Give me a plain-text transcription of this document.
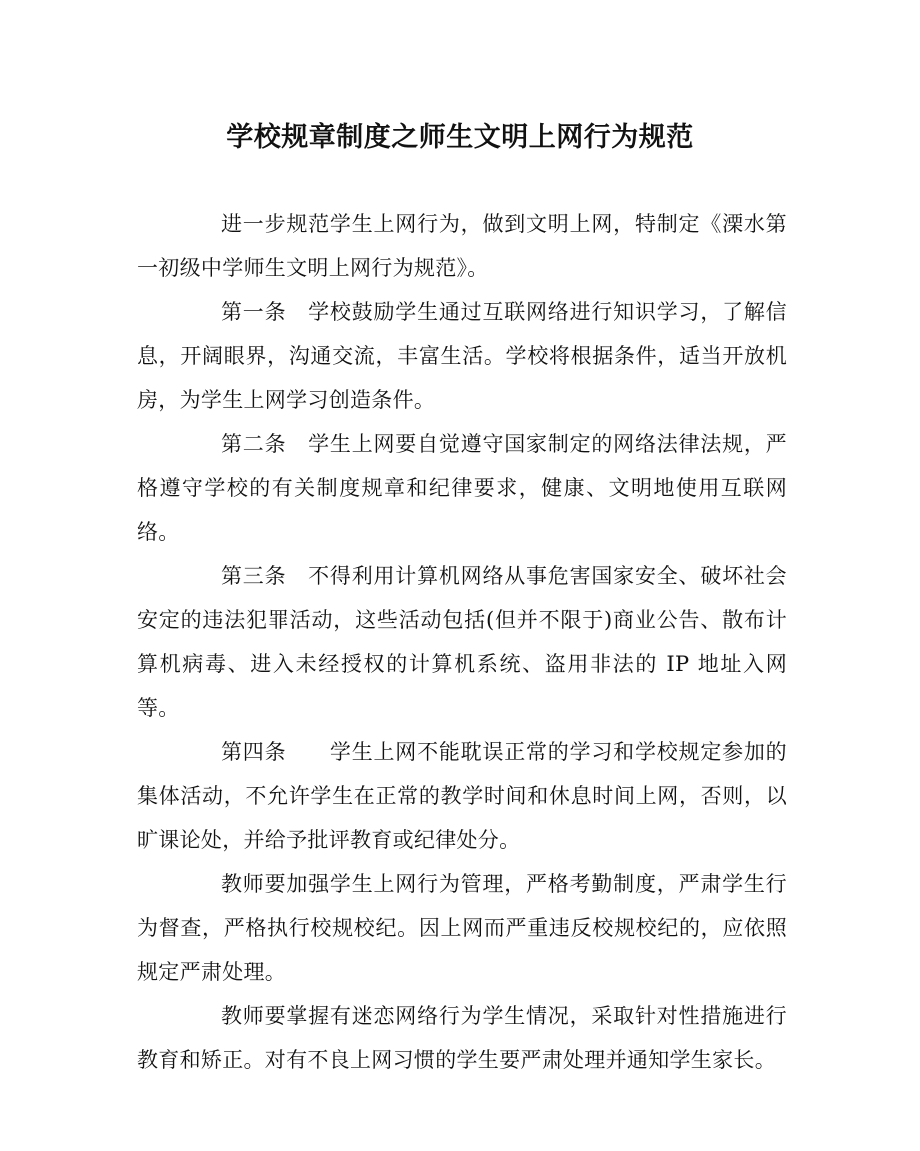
学校规章制度之师生文明上网行为规范

进一步规范学生上网行为，做到文明上网，特制定《溧水第一初级中学师生文明上网行为规范》。

第一条　学校鼓励学生通过互联网络进行知识学习，了解信息，开阔眼界，沟通交流，丰富生活。学校将根据条件，适当开放机房，为学生上网学习创造条件。

第二条　学生上网要自觉遵守国家制定的网络法律法规，严格遵守学校的有关制度规章和纪律要求，健康、文明地使用互联网络。

第三条　不得利用计算机网络从事危害国家安全、破坏社会安定的违法犯罪活动，这些活动包括(但并不限于)商业公告、散布计算机病毒、进入未经授权的计算机系统、盗用非法的 IP 地址入网等。

第四条　　学生上网不能耽误正常的学习和学校规定参加的集体活动，不允许学生在正常的教学时间和休息时间上网，否则，以旷课论处，并给予批评教育或纪律处分。

教师要加强学生上网行为管理，严格考勤制度，严肃学生行为督查，严格执行校规校纪。因上网而严重违反校规校纪的，应依照规定严肃处理。

教师要掌握有迷恋网络行为学生情况，采取针对性措施进行教育和矫正。对有不良上网习惯的学生要严肃处理并通知学生家长。
